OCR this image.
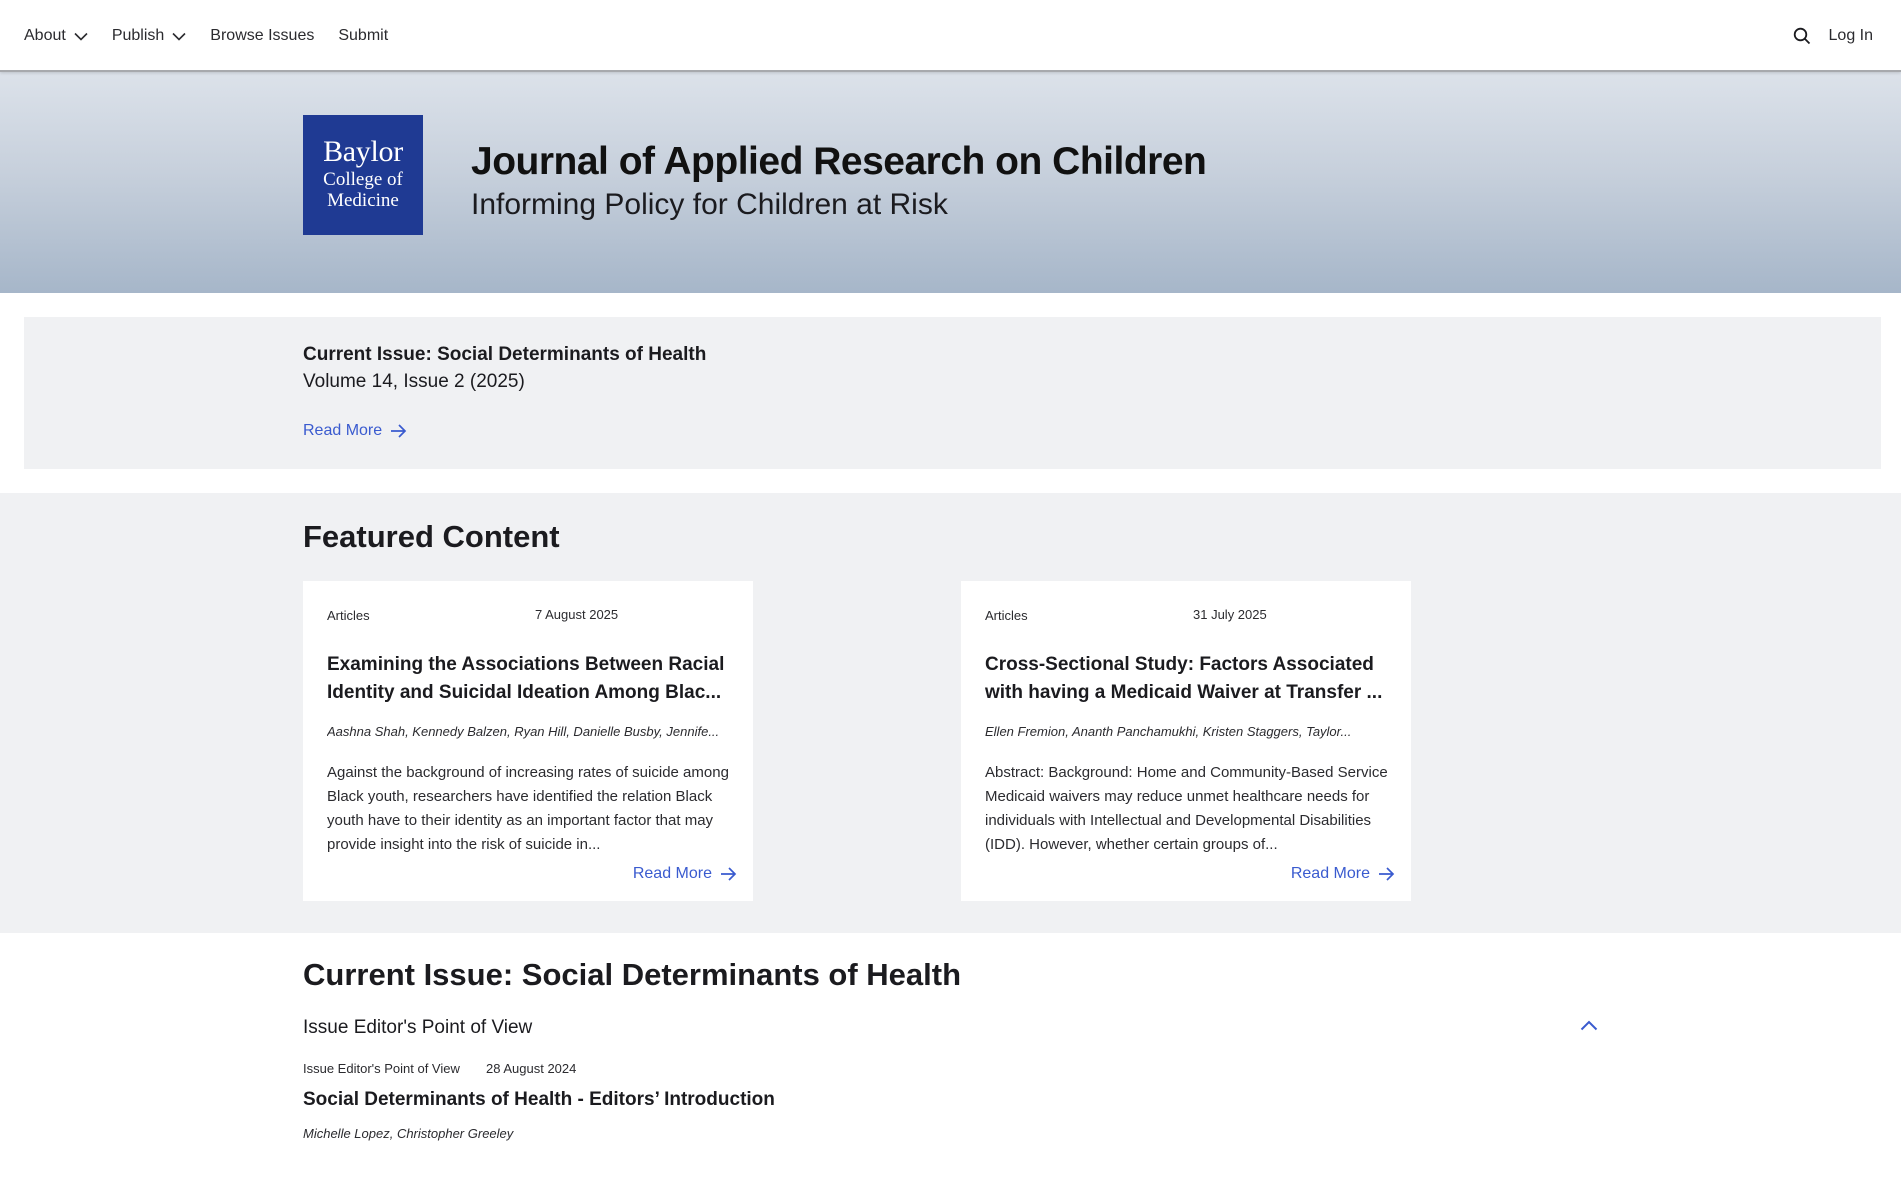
About	Publish	Browse Issues Submit	Log In
Baylor
College of
Medicine
Journal of Applied Research on Children
Informing Policy for Children at Risk
Current Issue: Social Determinants of Health
Volume 14, Issue 2 (2025)
Read More
Featured Content
Articles	7 August 2025
Examining the Associations Between Racial Identity and Suicidal Ideation Among Blac...
Aashna Shah, Kennedy Balzen, Ryan Hill, Danielle Busby, Jennife...
Against the background of increasing rates of suicide among Black youth, researchers have identified the relation Black youth have to their identity as an important factor that may provide insight into the risk of suicide in...
Read More
Articles	31 July 2025
Cross-Sectional Study: Factors Associated with having a Medicaid Waiver at Transfer ...
Ellen Fremion, Ananth Panchamukhi, Kristen Staggers, Taylor...
Abstract: Background: Home and Community-Based Service Medicaid waivers may reduce unmet healthcare needs for individuals with Intellectual and Developmental Disabilities (IDD). However, whether certain groups of...
Read More
Current Issue: Social Determinants of Health
Issue Editor's Point of View
Issue Editor's Point of View 28 August 2024
Social Determinants of Health - Editors’ Introduction
Michelle Lopez, Christopher Greeley
